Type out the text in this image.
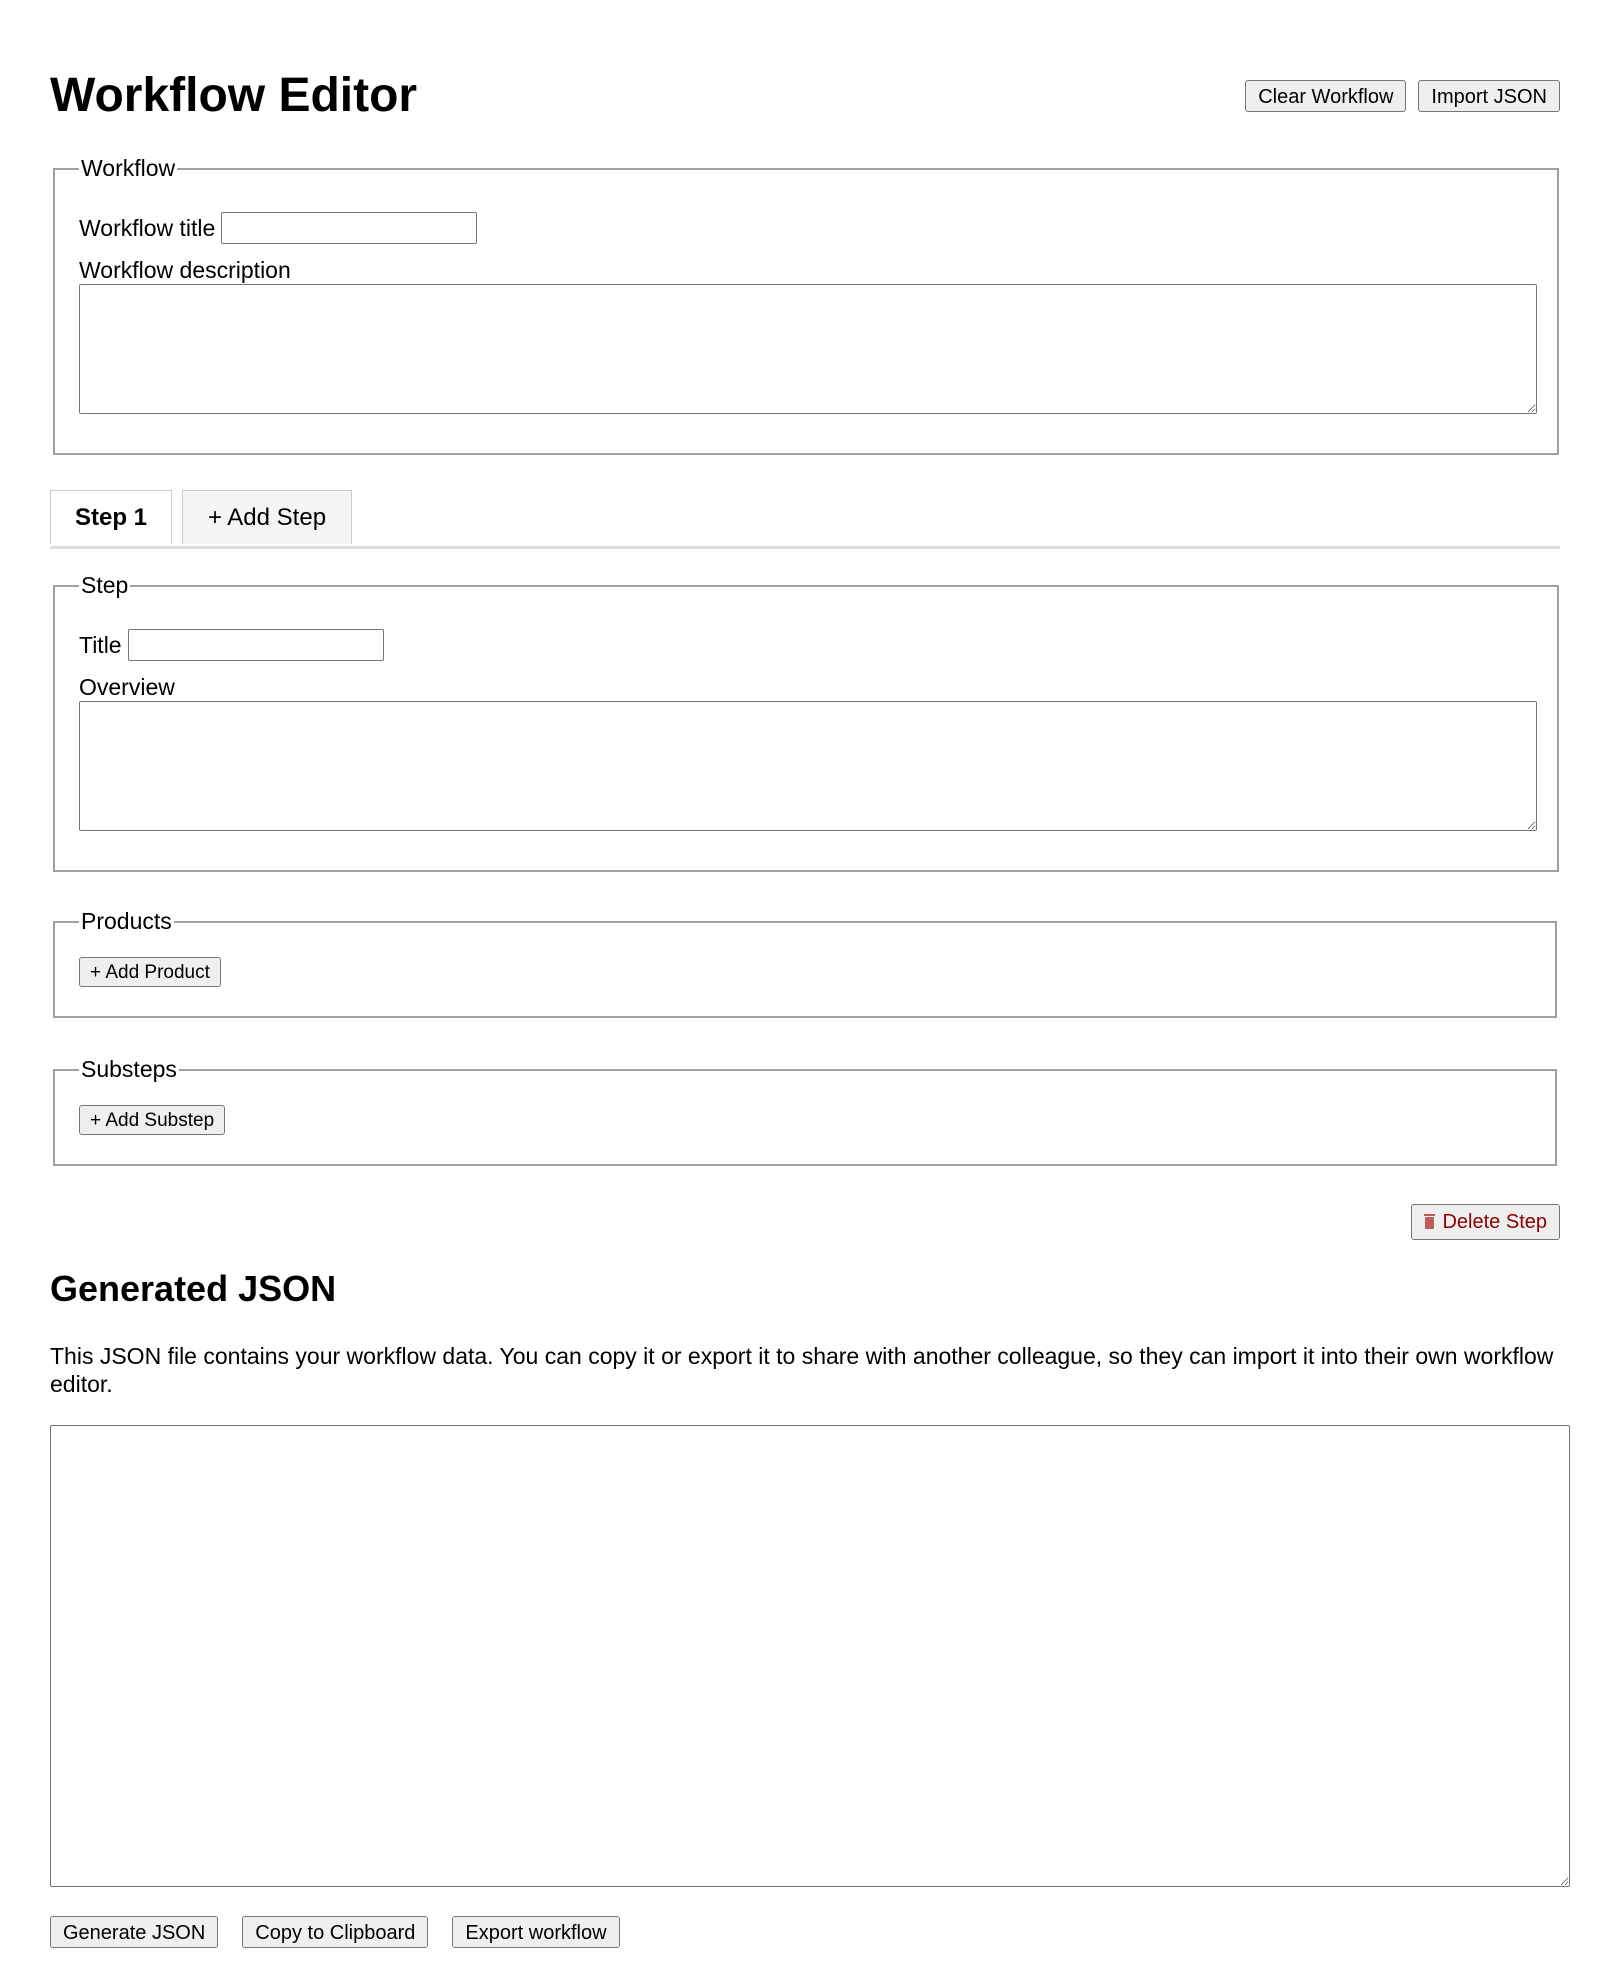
Workflow Editor	Clear Workflow	Import JSON
Workflow
Workflow title
Workflow description
Step 1	+ Add Step
Step
Title
Overview
Products
+ Add Product
Substeps
+ Add Substep
Delete Step
Generated JSON

This JSON file contains your workflow data. You can copy it or export it to share with another colleague, so they can import it into their own workflow editor.

Generate JSON	Copy to Clipboard	Export workflow
